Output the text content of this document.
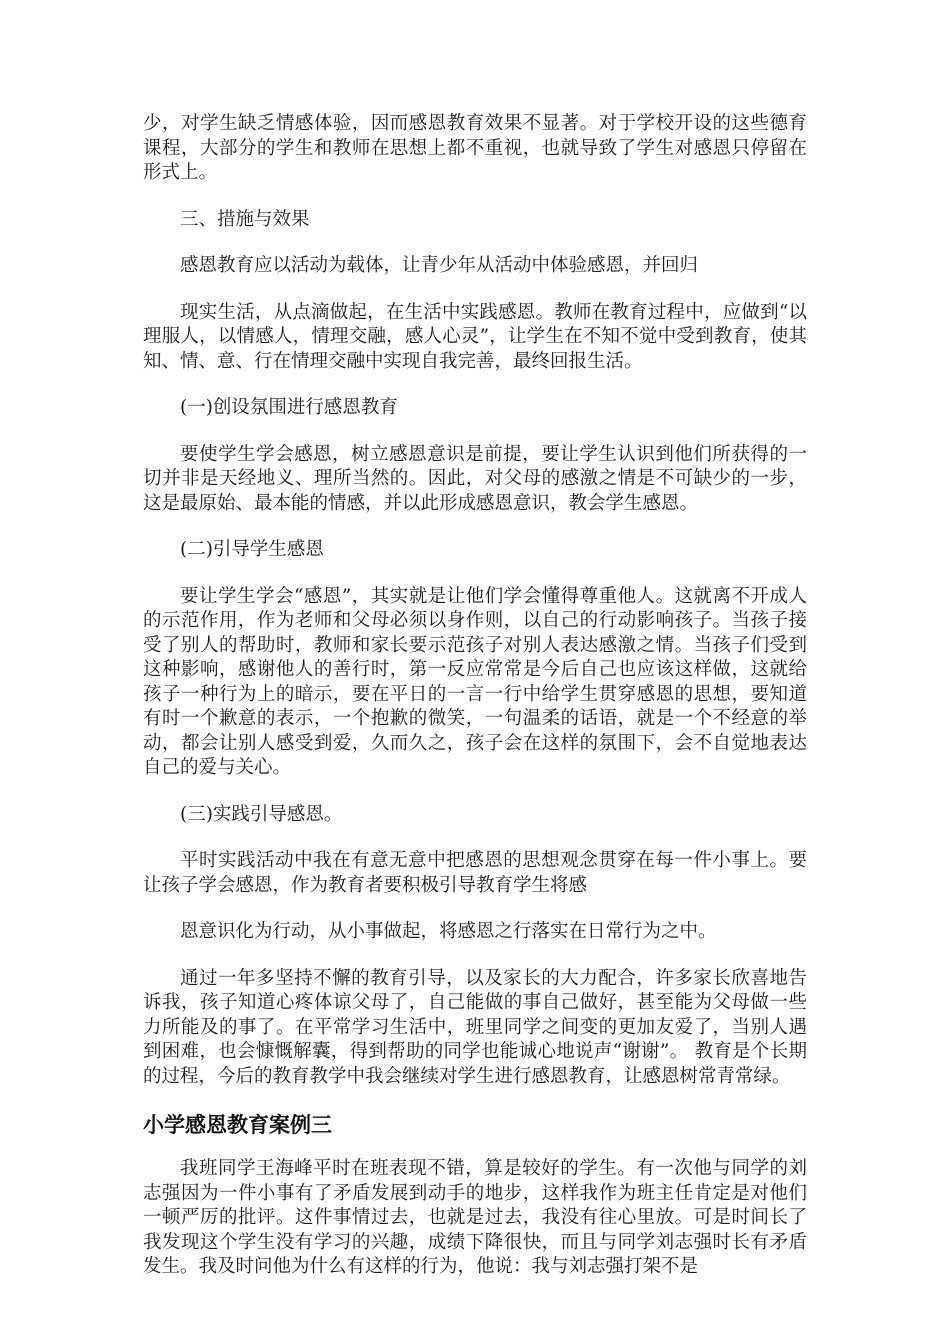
少，对学生缺乏情感体验，因而感恩教育效果不显著。对于学校开设的这些德育课程，大部分的学生和教师在思想上都不重视，也就导致了学生对感恩只停留在形式上。

三、措施与效果

感恩教育应以活动为载体，让青少年从活动中体验感恩，并回归

现实生活，从点滴做起，在生活中实践感恩。教师在教育过程中，应做到“以理服人，以情感人，情理交融，感人心灵”，让学生在不知不觉中受到教育，使其知、情、意、行在情理交融中实现自我完善，最终回报生活。

(一)创设氛围进行感恩教育

要使学生学会感恩，树立感恩意识是前提，要让学生认识到他们所获得的一切并非是天经地义、理所当然的。因此，对父母的感激之情是不可缺少的一步，这是最原始、最本能的情感，并以此形成感恩意识，教会学生感恩。

(二)引导学生感恩

要让学生学会“感恩”，其实就是让他们学会懂得尊重他人。这就离不开成人的示范作用，作为老师和父母必须以身作则，以自己的行动影响孩子。当孩子接受了别人的帮助时，教师和家长要示范孩子对别人表达感激之情。当孩子们受到这种影响，感谢他人的善行时，第一反应常常是今后自己也应该这样做，这就给孩子一种行为上的暗示，要在平日的一言一行中给学生贯穿感恩的思想，要知道有时一个歉意的表示，一个抱歉的微笑，一句温柔的话语，就是一个不经意的举动，都会让别人感受到爱，久而久之，孩子会在这样的氛围下，会不自觉地表达自己的爱与关心。

(三)实践引导感恩。

平时实践活动中我在有意无意中把感恩的思想观念贯穿在每一件小事上。要让孩子学会感恩，作为教育者要积极引导教育学生将感

恩意识化为行动，从小事做起，将感恩之行落实在日常行为之中。

通过一年多坚持不懈的教育引导，以及家长的大力配合，许多家长欣喜地告诉我，孩子知道心疼体谅父母了，自己能做的事自己做好，甚至能为父母做一些力所能及的事了。在平常学习生活中，班里同学之间变的更加友爱了，当别人遇到困难，也会慷慨解囊，得到帮助的同学也能诚心地说声“谢谢”。 教育是个长期的过程，今后的教育教学中我会继续对学生进行感恩教育，让感恩树常青常绿。

小学感恩教育案例三

我班同学王海峰平时在班表现不错，算是较好的学生。有一次他与同学的刘志强因为一件小事有了矛盾发展到动手的地步，这样我作为班主任肯定是对他们一顿严厉的批评。这件事情过去，也就是过去，我没有往心里放。可是时间长了我发现这个学生没有学习的兴趣，成绩下降很快，而且与同学刘志强时长有矛盾发生。我及时问他为什么有这样的行为，他说：我与刘志强打架不是
